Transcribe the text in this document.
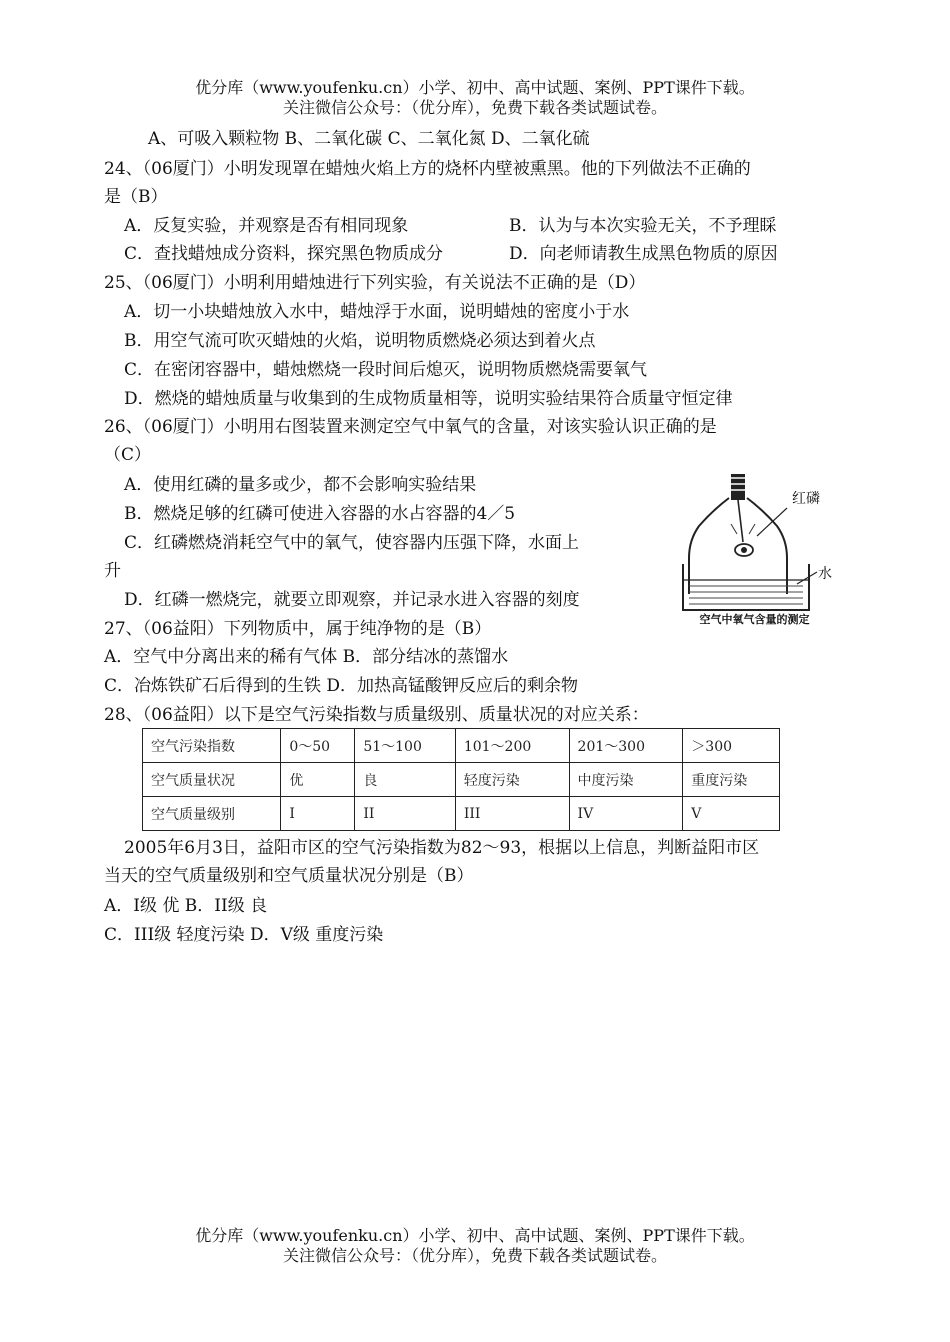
优分库（www.youfenku.cn）小学、初中、高中试题、案例、PPT课件下载。
关注微信公众号：（优分库），免费下载各类试题试卷。
A、可吸入颗粒物 B、二氧化碳 C、二氧化氮 D、二氧化硫
24、（06厦门）小明发现罩在蜡烛火焰上方的烧杯内壁被熏黑。他的下列做法不正确的
是（B）
A．反复实验，并观察是否有相同现象	B．认为与本次实验无关，不予理睬
C．查找蜡烛成分资料，探究黑色物质成分	D．向老师请教生成黑色物质的原因
25、（06厦门）小明利用蜡烛进行下列实验，有关说法不正确的是（D）
A．切一小块蜡烛放入水中，蜡烛浮于水面，说明蜡烛的密度小于水
B．用空气流可吹灭蜡烛的火焰，说明物质燃烧必须达到着火点
C．在密闭容器中，蜡烛燃烧一段时间后熄灭，说明物质燃烧需要氧气
D．燃烧的蜡烛质量与收集到的生成物质量相等，说明实验结果符合质量守恒定律
26、（06厦门）小明用右图装置来测定空气中氧气的含量，对该实验认识正确的是
（C）
A．使用红磷的量多或少，都不会影响实验结果
B．燃烧足够的红磷可使进入容器的水占容器的4／5
C．红磷燃烧消耗空气中的氧气，使容器内压强下降，水面上
升
D．红磷一燃烧完，就要立即观察，并记录水进入容器的刻度
红磷
水
空气中氧气含量的测定
27、（06益阳）下列物质中，属于纯净物的是（B）
A．空气中分离出来的稀有气体 B．部分结冰的蒸馏水
C．冶炼铁矿石后得到的生铁 D．加热高锰酸钾反应后的剩余物
28、（06益阳）以下是空气污染指数与质量级别、质量状况的对应关系：
空气污染指数	0～50	51～100	101～200	201～300	＞300
空气质量状况	优	良	轻度污染	中度污染	重度污染
空气质量级别	I	II	III	IV	V
2005年6月3日，益阳市区的空气污染指数为82～93，根据以上信息，判断益阳市区
当天的空气质量级别和空气质量状况分别是（B）
A．I级 优 B．II级 良
C．III级 轻度污染 D．V级 重度污染
优分库（www.youfenku.cn）小学、初中、高中试题、案例、PPT课件下载。
关注微信公众号：（优分库），免费下载各类试题试卷。
